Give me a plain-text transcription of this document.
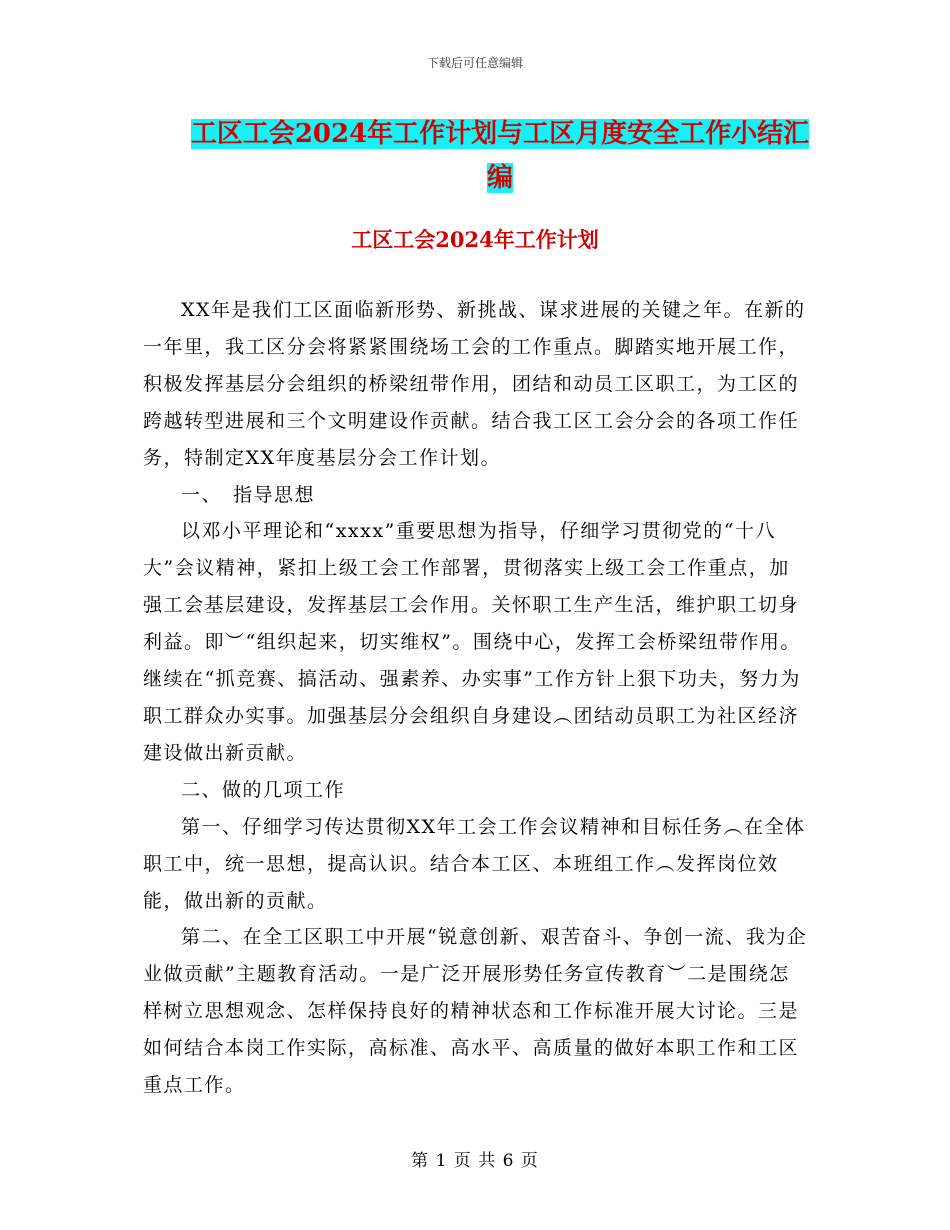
下载后可任意编辑
工区工会2024年工作计划与工区月度安全工作小结汇编
工区工会2024年工作计划

XX年是我们工区面临新形势、新挑战、谋求进展的关键之年。在新的一年里，我工区分会将紧紧围绕场工会的工作重点。脚踏实地开展工作，积极发挥基层分会组织的桥梁纽带作用，团结和动员工区职工，为工区的跨越转型进展和三个文明建设作贡献。结合我工区工会分会的各项工作任务，特制定XX年度基层分会工作计划。

一、　指导思想

以邓小平理论和“xxxx”重要思想为指导，仔细学习贯彻党的“十八大”会议精神，紧扣上级工会工作部署，贯彻落实上级工会工作重点，加强工会基层建设，发挥基层工会作用。关怀职工生产生活，维护职工切身利益。即︶“组织起来，切实维权”。围绕中心，发挥工会桥梁纽带作用。继续在“抓竞赛、搞活动、强素养、办实事”工作方针上狠下功夫，努力为职工群众办实事。加强基层分会组织自身建设︵团结动员职工为社区经济建设做出新贡献。

二、做的几项工作

第一、仔细学习传达贯彻XX年工会工作会议精神和目标任务︵在全体职工中，统一思想，提高认识。结合本工区、本班组工作︵发挥岗位效能，做出新的贡献。

第二、在全工区职工中开展“锐意创新、艰苦奋斗、争创一流、我为企业做贡献”主题教育活动。一是广泛开展形势任务宣传教育︶二是围绕怎样树立思想观念、怎样保持良好的精神状态和工作标准开展大讨论。三是如何结合本岗工作实际，高标准、高水平、高质量的做好本职工作和工区重点工作。

第 1 页 共 6 页
